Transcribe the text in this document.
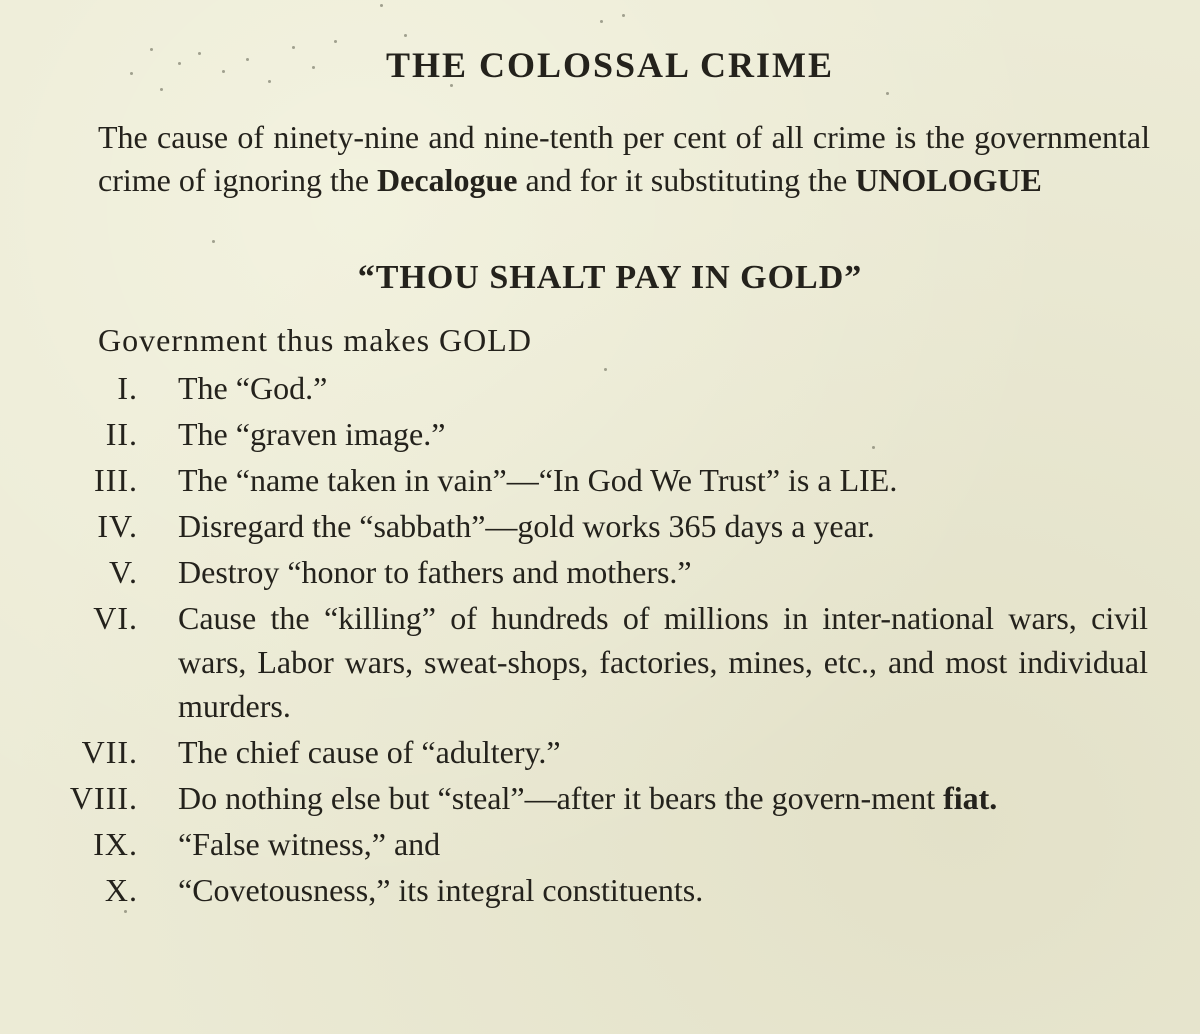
THE COLOSSAL CRIME

The cause of ninety-nine and nine-tenth per cent of all crime is the governmental crime of ignoring the Decalogue and for it substituting the UNOLOGUE

“THOU SHALT PAY IN GOLD”
Government thus makes GOLD
I.	The “God.”
II.	The “graven image.”
III.	The “name taken in vain”—“In God We Trust” is a LIE.
IV.	Disregard the “sabbath”—gold works 365 days a year.
V.	Destroy “honor to fathers and mothers.”
VI.	Cause the “killing” of hundreds of millions in inter-national wars, civil wars, Labor wars, sweat-shops, factories, mines, etc., and most individual murders.
VII.	The chief cause of “adultery.”
VIII.	Do nothing else but “steal”—after it bears the govern-ment fiat.
IX.	“False witness,” and
X.	“Covetousness,” its integral constituents.
